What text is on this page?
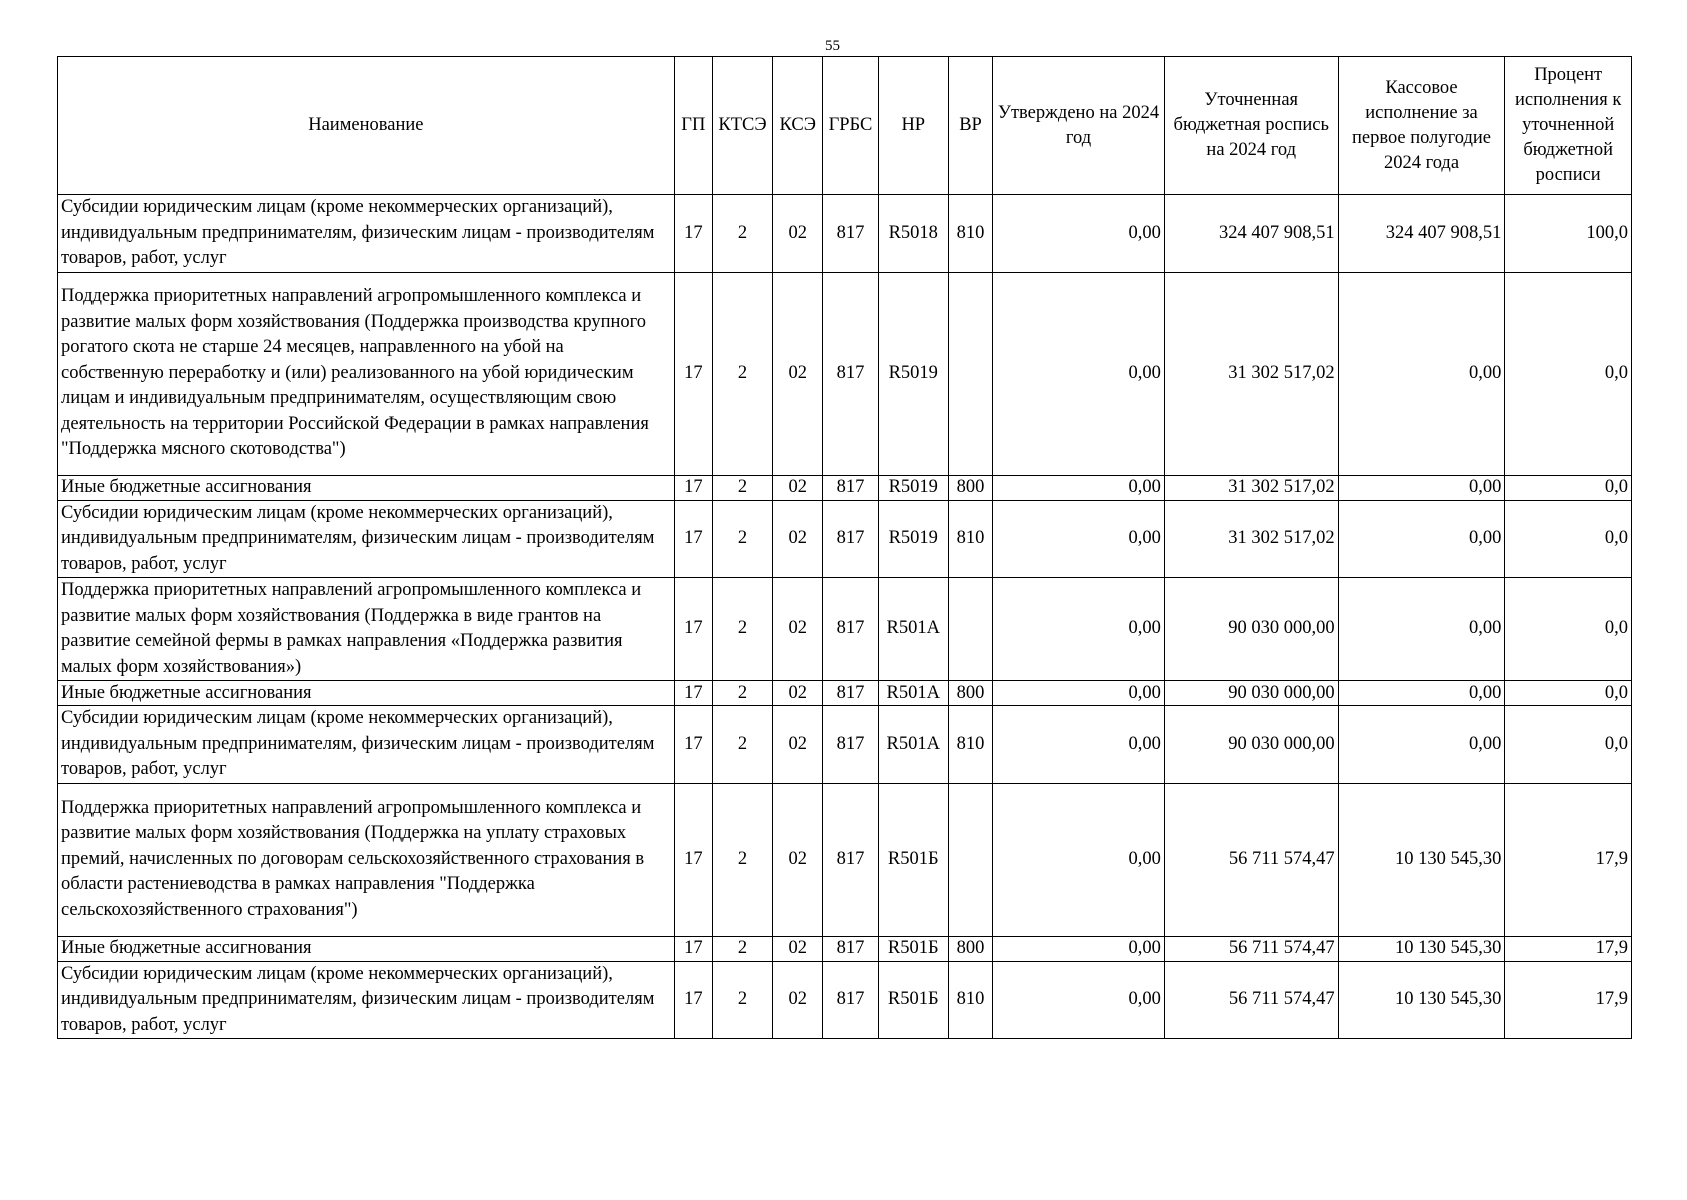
55
Наименование	ГП	КТСЭ	КСЭ	ГРБС	НР	ВР	Утверждено на 2024 год	Уточненная бюджетная роспись на 2024 год	Кассовое исполнение за первое полугодие 2024 года	Процент исполнения к уточненной бюджетной росписи
Субсидии юридическим лицам (кроме некоммерческих организаций), индивидуальным предпринимателям, физическим лицам - производителям товаров, работ, услуг	17	2	02	817	R5018	810	0,00	324 407 908,51	324 407 908,51	100,0
Поддержка приоритетных направлений агропромышленного комплекса и развитие малых форм хозяйствования (Поддержка производства крупного рогатого скота не старше 24 месяцев, направленного на убой на собственную переработку и (или) реализованного на убой юридическим лицам и индивидуальным предпринимателям, осуществляющим свою деятельность на территории Российской Федерации в рамках направления "Поддержка мясного скотоводства")	17	2	02	817	R5019		0,00	31 302 517,02	0,00	0,0
Иные бюджетные ассигнования	17	2	02	817	R5019	800	0,00	31 302 517,02	0,00	0,0
Субсидии юридическим лицам (кроме некоммерческих организаций), индивидуальным предпринимателям, физическим лицам - производителям товаров, работ, услуг	17	2	02	817	R5019	810	0,00	31 302 517,02	0,00	0,0
Поддержка приоритетных направлений агропромышленного комплекса и развитие малых форм хозяйствования (Поддержка в виде грантов на развитие семейной фермы в рамках направления «Поддержка развития малых форм хозяйствования»)	17	2	02	817	R501A		0,00	90 030 000,00	0,00	0,0
Иные бюджетные ассигнования	17	2	02	817	R501A	800	0,00	90 030 000,00	0,00	0,0
Субсидии юридическим лицам (кроме некоммерческих организаций), индивидуальным предпринимателям, физическим лицам - производителям товаров, работ, услуг	17	2	02	817	R501A	810	0,00	90 030 000,00	0,00	0,0
Поддержка приоритетных направлений агропромышленного комплекса и развитие малых форм хозяйствования (Поддержка на уплату страховых премий, начисленных по договорам сельскохозяйственного страхования в области растениеводства в рамках направления "Поддержка сельскохозяйственного страхования")	17	2	02	817	R501Б		0,00	56 711 574,47	10 130 545,30	17,9
Иные бюджетные ассигнования	17	2	02	817	R501Б	800	0,00	56 711 574,47	10 130 545,30	17,9
Субсидии юридическим лицам (кроме некоммерческих организаций), индивидуальным предпринимателям, физическим лицам - производителям товаров, работ, услуг	17	2	02	817	R501Б	810	0,00	56 711 574,47	10 130 545,30	17,9
